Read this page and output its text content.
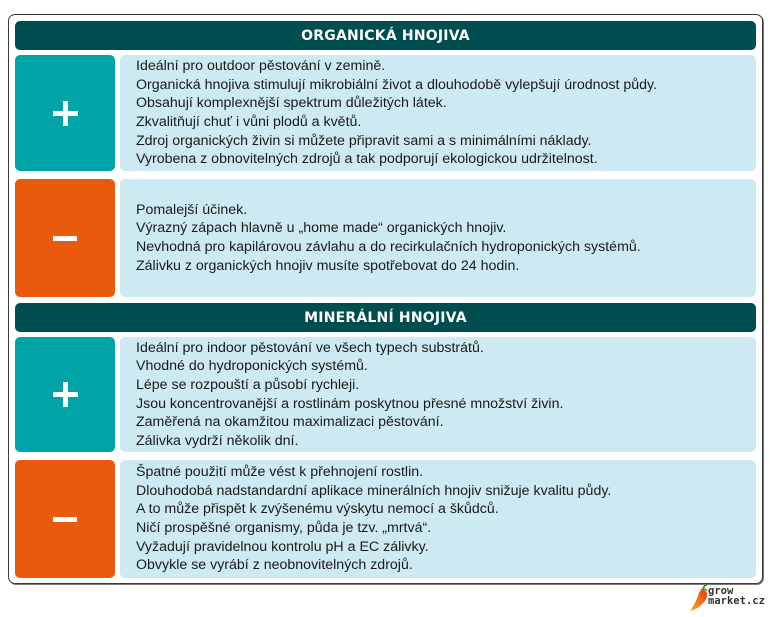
ORGANICKÁ HNOJIVA
Ideální pro outdoor pěstování v zemině.
Organická hnojiva stimulují mikrobiální život a dlouhodobě vylepšují úrodnost půdy.
Obsahují komplexnější spektrum důležitých látek.
Zkvalitňují chuť i vůni plodů a květů.
Zdroj organických živin si můžete připravit sami a s minimálními náklady.
Vyrobena z obnovitelných zdrojů a tak podporují ekologickou udržitelnost.
Pomalejší účinek.
Výrazný zápach hlavně u „home made“ organických hnojiv.
Nevhodná pro kapilárovou závlahu a do recirkulačních hydroponických systémů.
Zálivku z organických hnojiv musíte spotřebovat do 24 hodin.
MINERÁLNÍ HNOJIVA
Ideální pro indoor pěstování ve všech typech substrátů.
Vhodné do hydroponických systémů.
Lépe se rozpouští a působí rychleji.
Jsou koncentrovanější a rostlinám poskytnou přesné množství živin.
Zaměřená na okamžitou maximalizaci pěstování.
Zálivka vydrží několik dní.
Špatné použití může vést k přehnojení rostlin.
Dlouhodobá nadstandardní aplikace minerálních hnojiv snižuje kvalitu půdy.
A to může přispět k zvýšenému výskytu nemocí a škůdců.
Ničí prospěšné organismy, půda je tzv. „mrtvá“.
Vyžadují pravidelnou kontrolu pH a EC zálivky.
Obvykle se vyrábí z neobnovitelných zdrojů.
grow
market.cz
